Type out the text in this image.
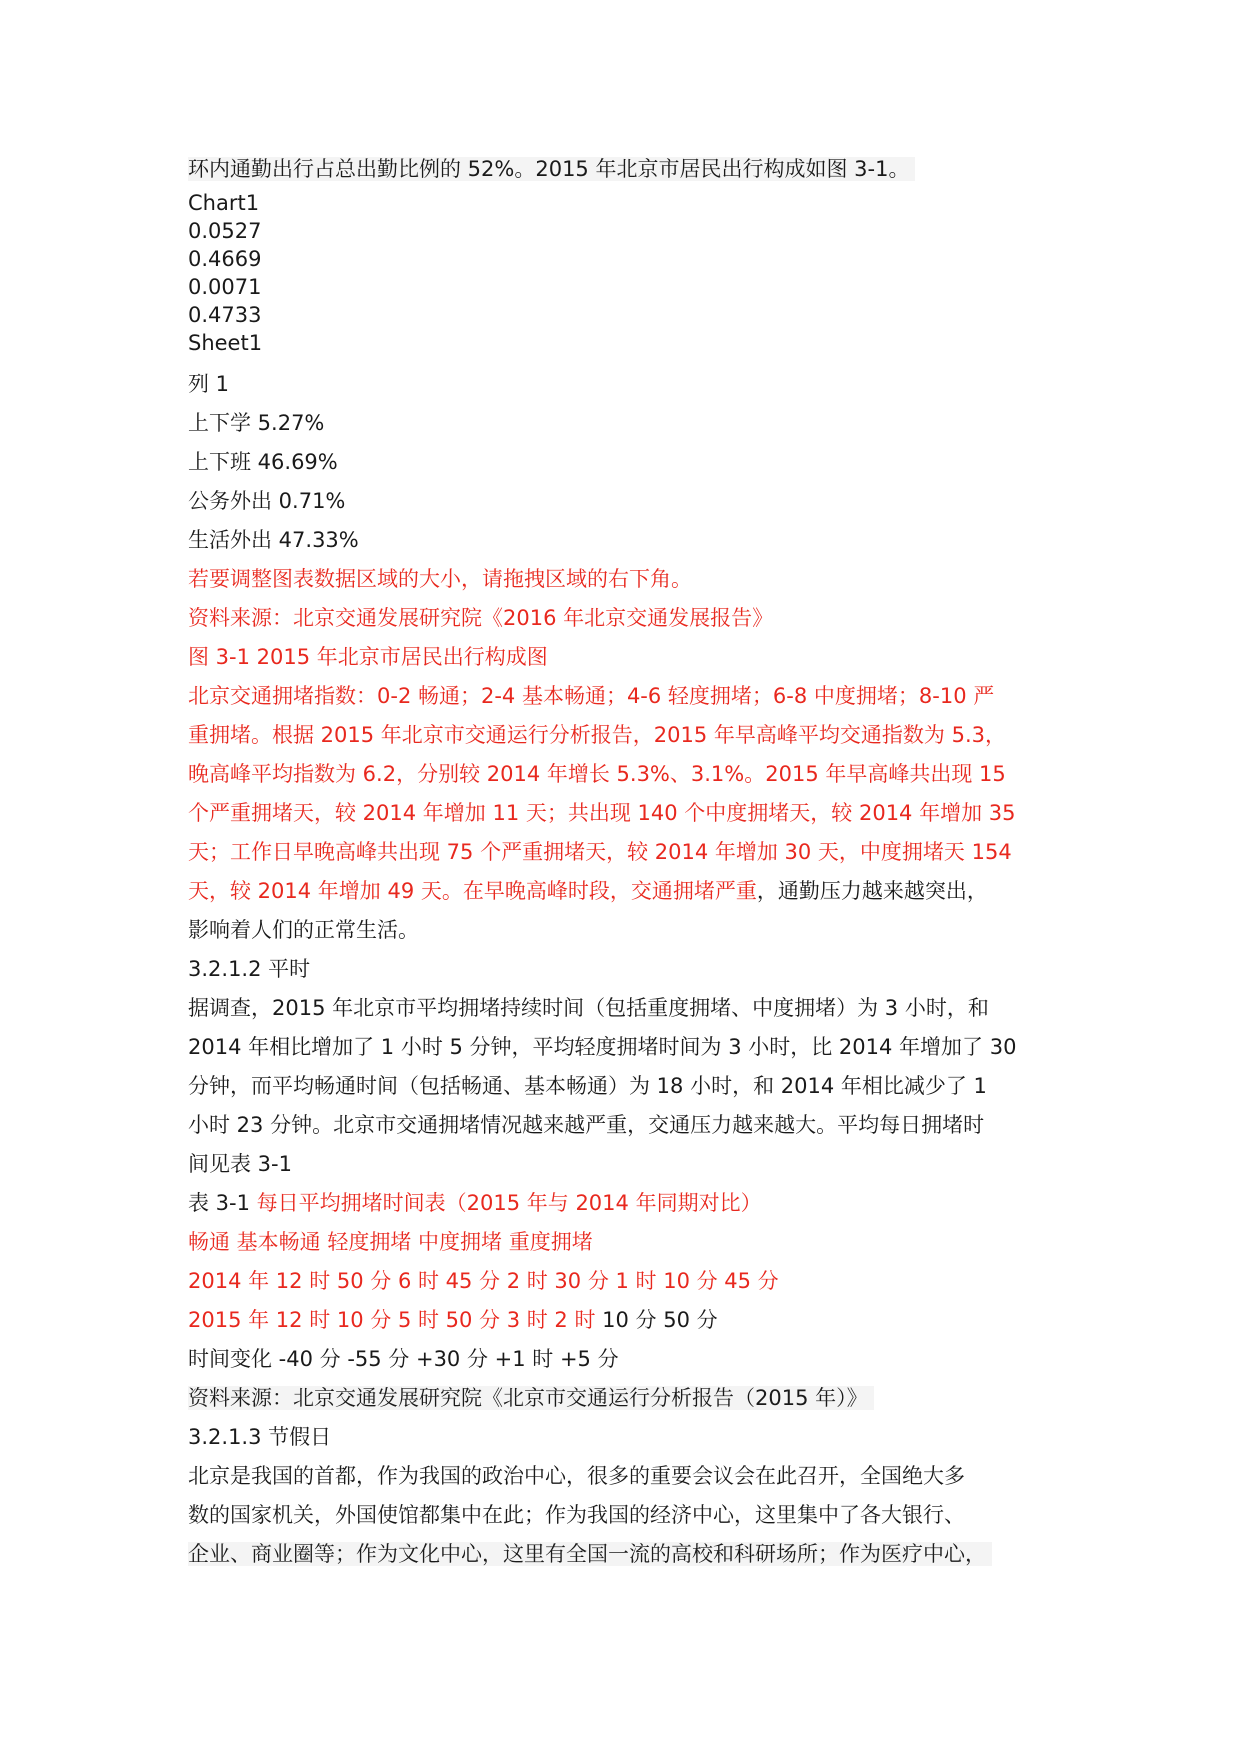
环内通勤出行占总出勤比例的 52%。2015 年北京市居民出行构成如图 3-1。
Chart1
0.0527
0.4669
0.0071
0.4733
Sheet1
列 1
上下学 5.27%
上下班 46.69%
公务外出 0.71%
生活外出 47.33%
若要调整图表数据区域的大小，请拖拽区域的右下角。
资料来源：北京交通发展研究院《2016 年北京交通发展报告》
图 3-1 2015 年北京市居民出行构成图
北京交通拥堵指数：0-2 畅通；2-4 基本畅通；4-6 轻度拥堵；6-8 中度拥堵；8-10 严
重拥堵。根据 2015 年北京市交通运行分析报告，2015 年早高峰平均交通指数为 5.3，
晚高峰平均指数为 6.2，分别较 2014 年增长 5.3%、3.1%。2015 年早高峰共出现 15
个严重拥堵天，较 2014 年增加 11 天；共出现 140 个中度拥堵天，较 2014 年增加 35
天；工作日早晚高峰共出现 75 个严重拥堵天，较 2014 年增加 30 天，中度拥堵天 154
天，较 2014 年增加 49 天。在早晚高峰时段，交通拥堵严重，通勤压力越来越突出，
影响着人们的正常生活。
3.2.1.2 平时
据调查，2015 年北京市平均拥堵持续时间（包括重度拥堵、中度拥堵）为 3 小时，和
2014 年相比增加了 1 小时 5 分钟，平均轻度拥堵时间为 3 小时，比 2014 年增加了 30
分钟，而平均畅通时间（包括畅通、基本畅通）为 18 小时，和 2014 年相比减少了 1
小时 23 分钟。北京市交通拥堵情况越来越严重，交通压力越来越大。平均每日拥堵时
间见表 3-1
表 3-1 每日平均拥堵时间表（2015 年与 2014 年同期对比）
畅通 基本畅通 轻度拥堵 中度拥堵 重度拥堵
2014 年 12 时 50 分 6 时 45 分 2 时 30 分 1 时 10 分 45 分
2015 年 12 时 10 分 5 时 50 分 3 时 2 时 10 分 50 分
时间变化 -40 分 -55 分 +30 分 +1 时 +5 分
资料来源：北京交通发展研究院《北京市交通运行分析报告（2015 年）》
3.2.1.3 节假日
北京是我国的首都，作为我国的政治中心，很多的重要会议会在此召开，全国绝大多
数的国家机关，外国使馆都集中在此；作为我国的经济中心，这里集中了各大银行、
企业、商业圈等；作为文化中心，这里有全国一流的高校和科研场所；作为医疗中心，
